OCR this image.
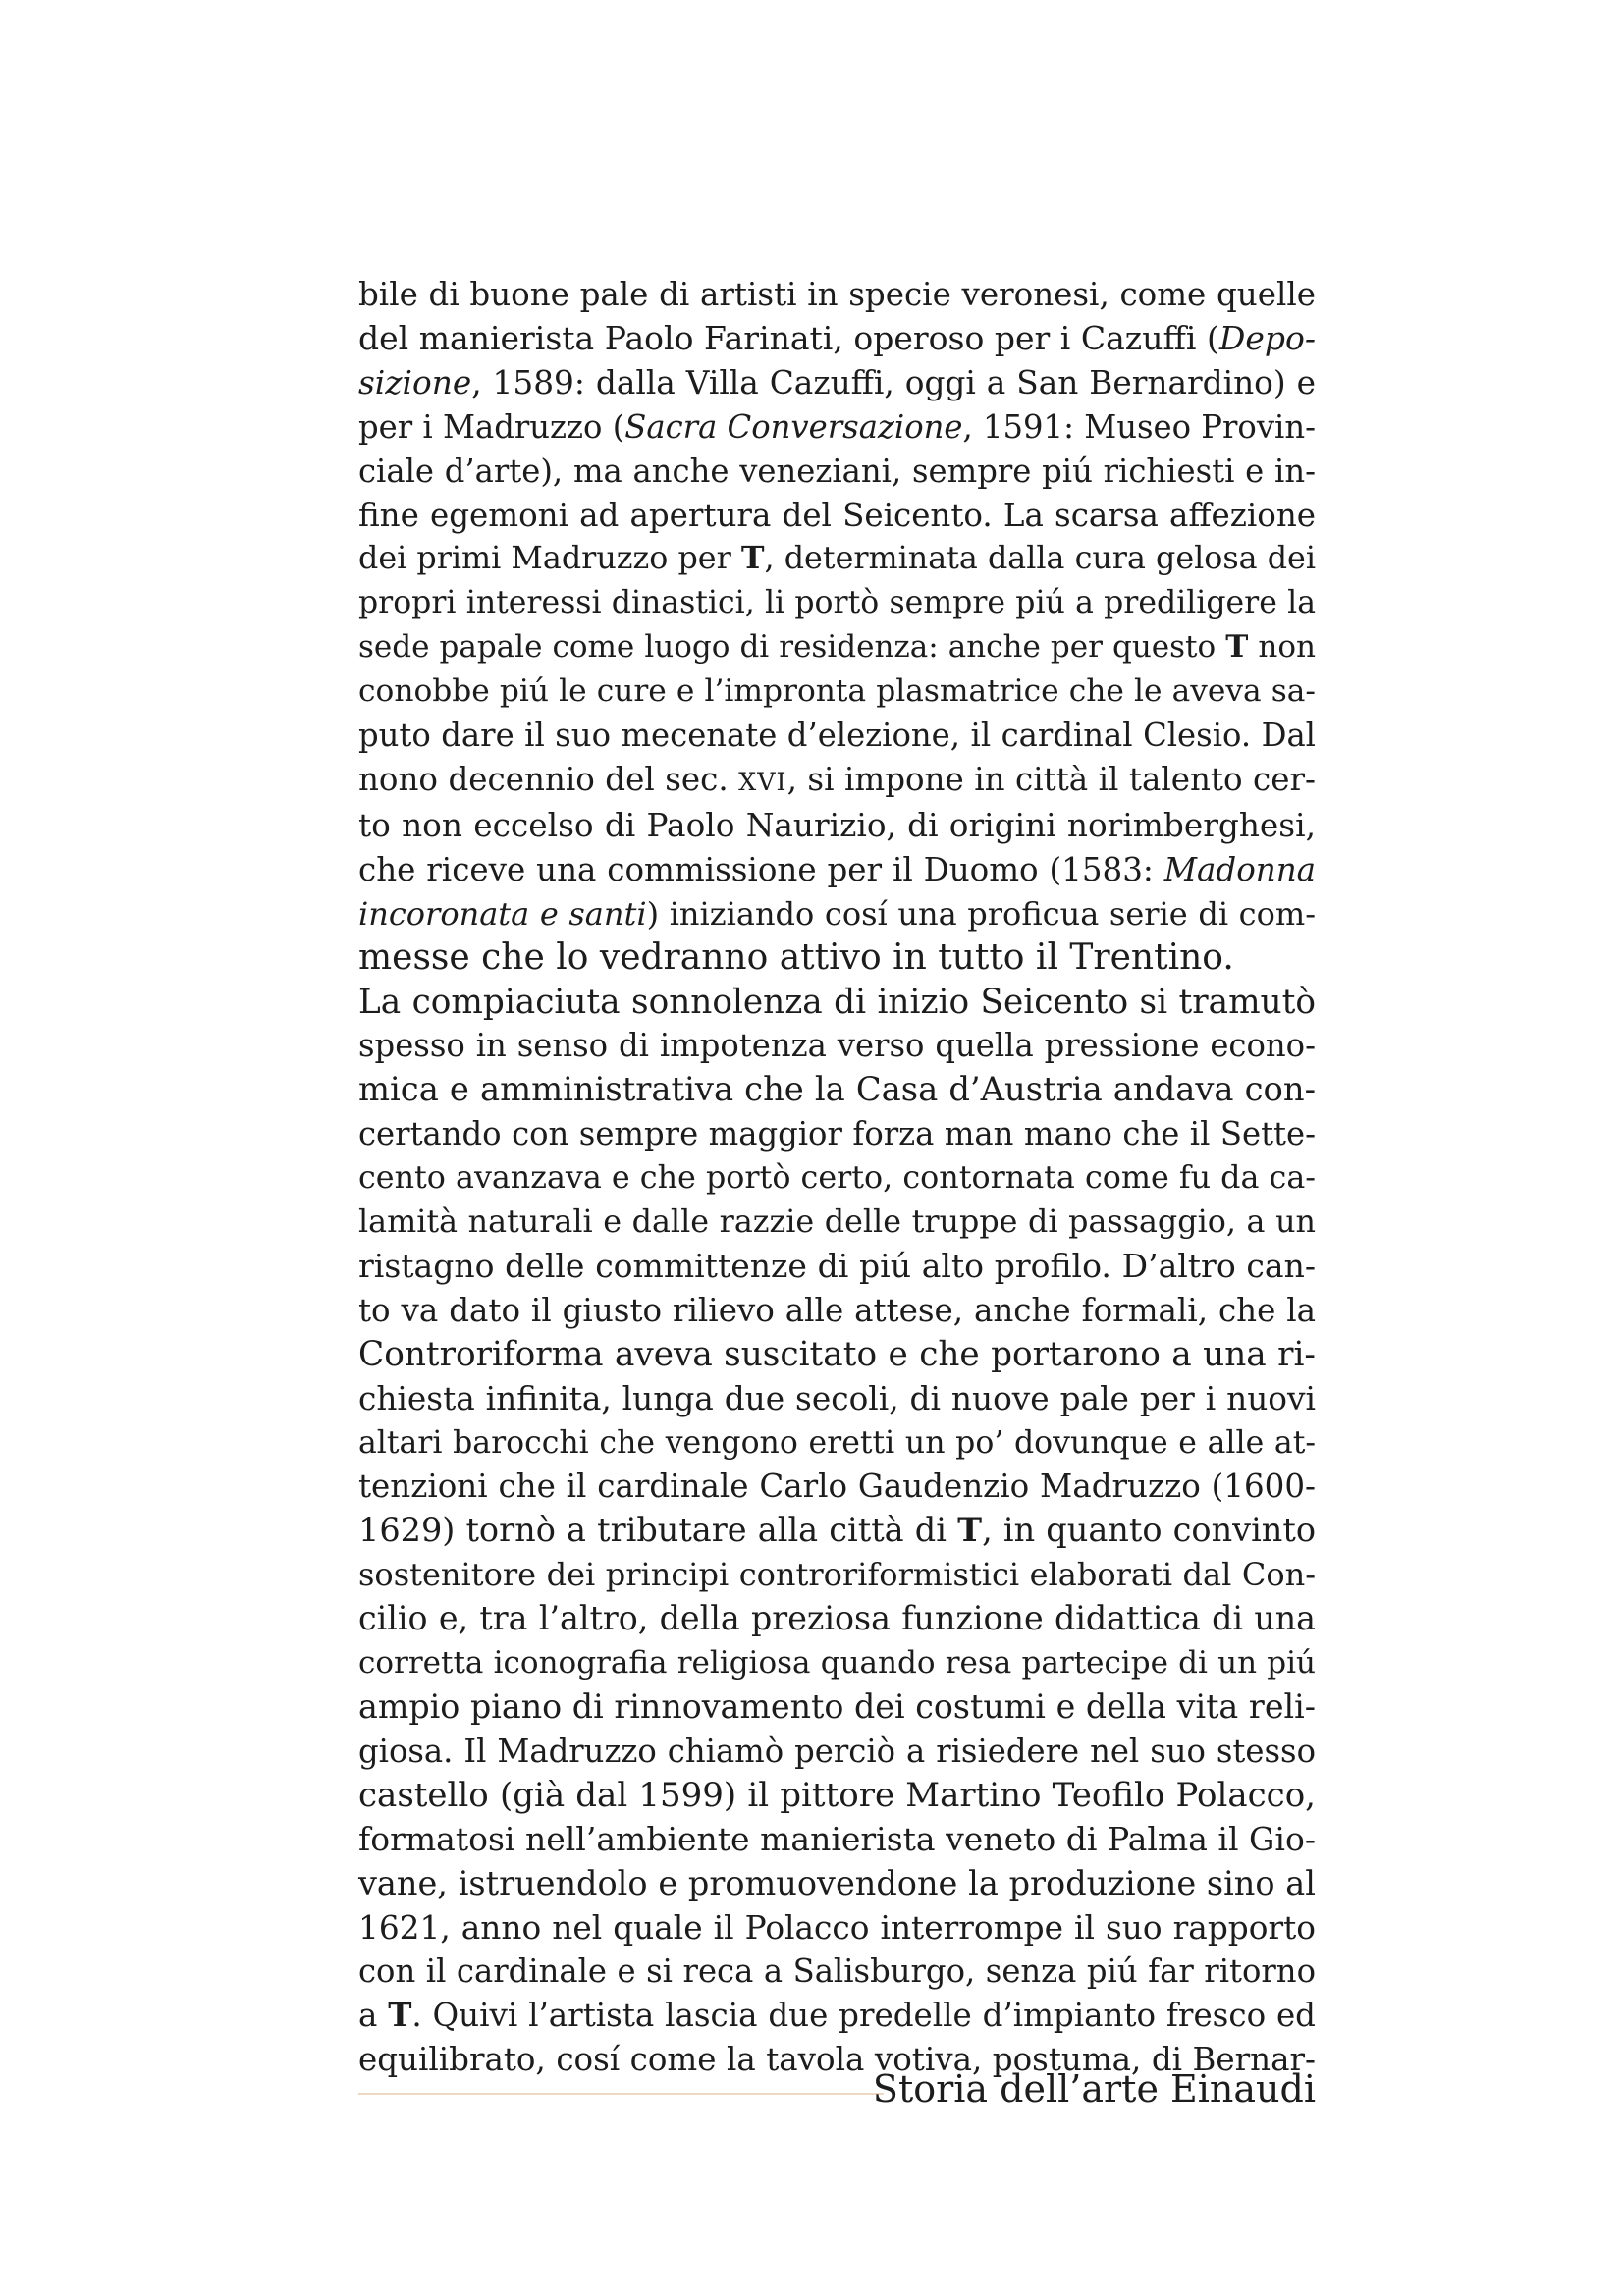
bile di buone pale di artisti in specie veronesi, come quelle
del manierista Paolo Farinati, operoso per i Cazuffi (Depo-
sizione, 1589: dalla Villa Cazuffi, oggi a San Bernardino) e
per i Madruzzo (Sacra Conversazione, 1591: Museo Provin-
ciale d’arte), ma anche veneziani, sempre piú richiesti e in-
fine egemoni ad apertura del Seicento. La scarsa affezione
dei primi Madruzzo per T, determinata dalla cura gelosa dei
propri interessi dinastici, li portò sempre piú a prediligere la
sede papale come luogo di residenza: anche per questo T non
conobbe piú le cure e l’impronta plasmatrice che le aveva sa-
puto dare il suo mecenate d’elezione, il cardinal Clesio. Dal
nono decennio del sec. XVI, si impone in città il talento cer-
to non eccelso di Paolo Naurizio, di origini norimberghesi,
che riceve una commissione per il Duomo (1583: Madonna
incoronata e santi) iniziando cosí una proficua serie di com-
messe che lo vedranno attivo in tutto il Trentino.
La compiaciuta sonnolenza di inizio Seicento si tramutò
spesso in senso di impotenza verso quella pressione econo-
mica e amministrativa che la Casa d’Austria andava con-
certando con sempre maggior forza man mano che il Sette-
cento avanzava e che portò certo, contornata come fu da ca-
lamità naturali e dalle razzie delle truppe di passaggio, a un
ristagno delle committenze di piú alto profilo. D’altro can-
to va dato il giusto rilievo alle attese, anche formali, che la
Controriforma aveva suscitato e che portarono a una ri-
chiesta infinita, lunga due secoli, di nuove pale per i nuovi
altari barocchi che vengono eretti un po’ dovunque e alle at-
tenzioni che il cardinale Carlo Gaudenzio Madruzzo (1600-
1629) tornò a tributare alla città di T, in quanto convinto
sostenitore dei principi controriformistici elaborati dal Con-
cilio e, tra l’altro, della preziosa funzione didattica di una
corretta iconografia religiosa quando resa partecipe di un piú
ampio piano di rinnovamento dei costumi e della vita reli-
giosa. Il Madruzzo chiamò perciò a risiedere nel suo stesso
castello (già dal 1599) il pittore Martino Teofilo Polacco,
formatosi nell’ambiente manierista veneto di Palma il Gio-
vane, istruendolo e promuovendone la produzione sino al
1621, anno nel quale il Polacco interrompe il suo rapporto
con il cardinale e si reca a Salisburgo, senza piú far ritorno
a T. Quivi l’artista lascia due predelle d’impianto fresco ed
equilibrato, cosí come la tavola votiva, postuma, di Bernar-
Storia dell’arte Einaudi
